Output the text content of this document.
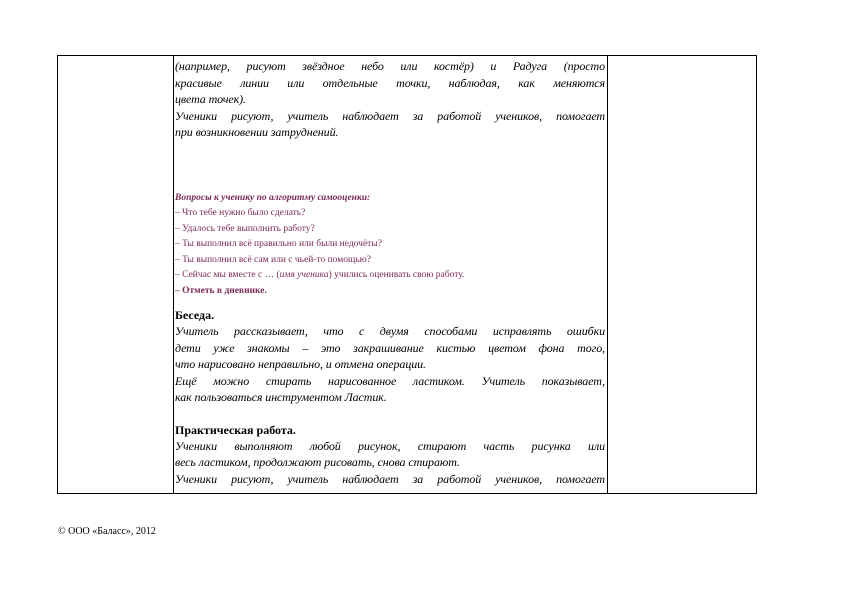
(например, рисуют звёздное небо или костёр) и Радуга (просто

красивые линии или отдельные точки, наблюдая, как меняются

цвета точек).

Ученики рисуют, учитель наблюдает за работой учеников, помогает

при возникновении затруднений.

Вопросы к ученику по алгоритму самооценки:

– Что тебе нужно было сделать?

– Удалось тебе выполнить работу?

– Ты выполнил всё правильно или были недочёты?

– Ты выполнил всё сам или с чьей-то помощью?

– Сейчас мы вместе с … (имя ученика) учились оценивать свою работу.

– Отметь в дневнике.

Беседа.

Учитель рассказывает, что с двумя способами исправлять ошибки

дети уже знакомы – это закрашивание кистью цветом фона того,

что нарисовано неправильно, и отмена операции.

Ещё можно стирать нарисованное ластиком. Учитель показывает,

как пользоваться инструментом Ластик.

Практическая работа.

Ученики выполняют любой рисунок, стирают часть рисунка или

весь ластиком, продолжают рисовать, снова стирают.

Ученики рисуют, учитель наблюдает за работой учеников, помогает

© ООО «Баласс», 2012
